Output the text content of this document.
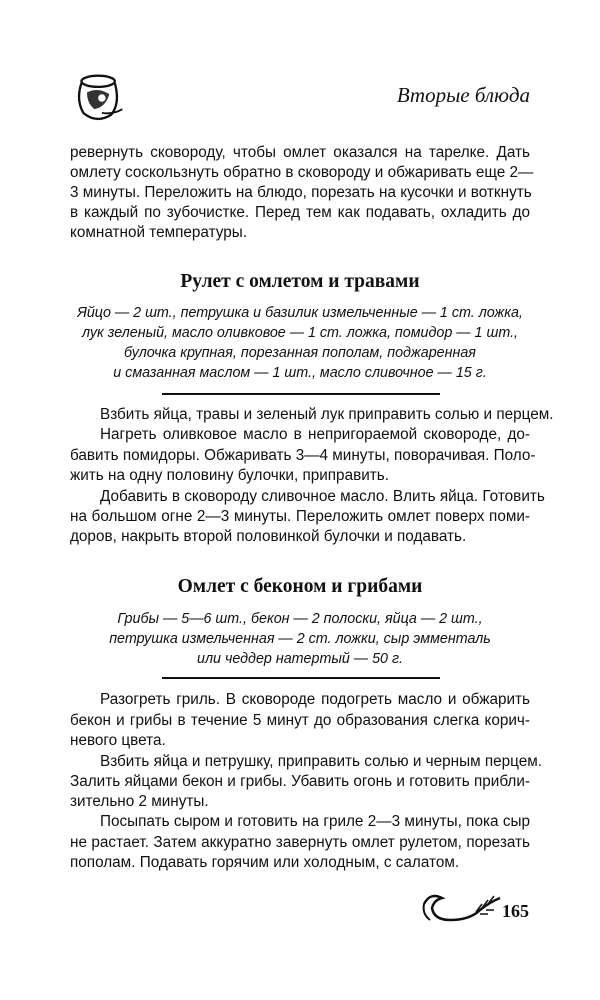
Вторые блюда
ревернуть сковороду, чтобы омлет оказался на тарелке. Дать
омлету соскользнуть обратно в сковороду и обжаривать еще 2—
3 минуты. Переложить на блюдо, порезать на кусочки и воткнуть
в каждый по зубочистке. Перед тем как подавать, охладить до
комнатной температуры.
Рулет с омлетом и травами
Яйцо — 2 шт., петрушка и базилик измельченные — 1 ст. ложка,
лук зеленый, масло оливковое — 1 ст. ложка, помидор — 1 шт.,
булочка крупная, порезанная пополам, поджаренная
и смазанная маслом — 1 шт., масло сливочное — 15 г.
Взбить яйца, травы и зеленый лук приправить солью и перцем.
Нагреть оливковое масло в непригораемой сковороде, до-
бавить помидоры. Обжаривать 3—4 минуты, поворачивая. Поло-
жить на одну половину булочки, приправить.
Добавить в сковороду сливочное масло. Влить яйца. Готовить
на большом огне 2—3 минуты. Переложить омлет поверх поми-
доров, накрыть второй половинкой булочки и подавать.
Омлет с беконом и грибами
Грибы — 5—6 шт., бекон — 2 полоски, яйца — 2 шт.,
петрушка измельченная — 2 ст. ложки, сыр эмменталь
или чеддер натертый — 50 г.
Разогреть гриль. В сковороде подогреть масло и обжарить
бекон и грибы в течение 5 минут до образования слегка корич-
невого цвета.
Взбить яйца и петрушку, приправить солью и черным перцем.
Залить яйцами бекон и грибы. Убавить огонь и готовить прибли-
зительно 2 минуты.
Посыпать сыром и готовить на гриле 2—3 минуты, пока сыр
не растает. Затем аккуратно завернуть омлет рулетом, порезать
пополам. Подавать горячим или холодным, с салатом.
165
